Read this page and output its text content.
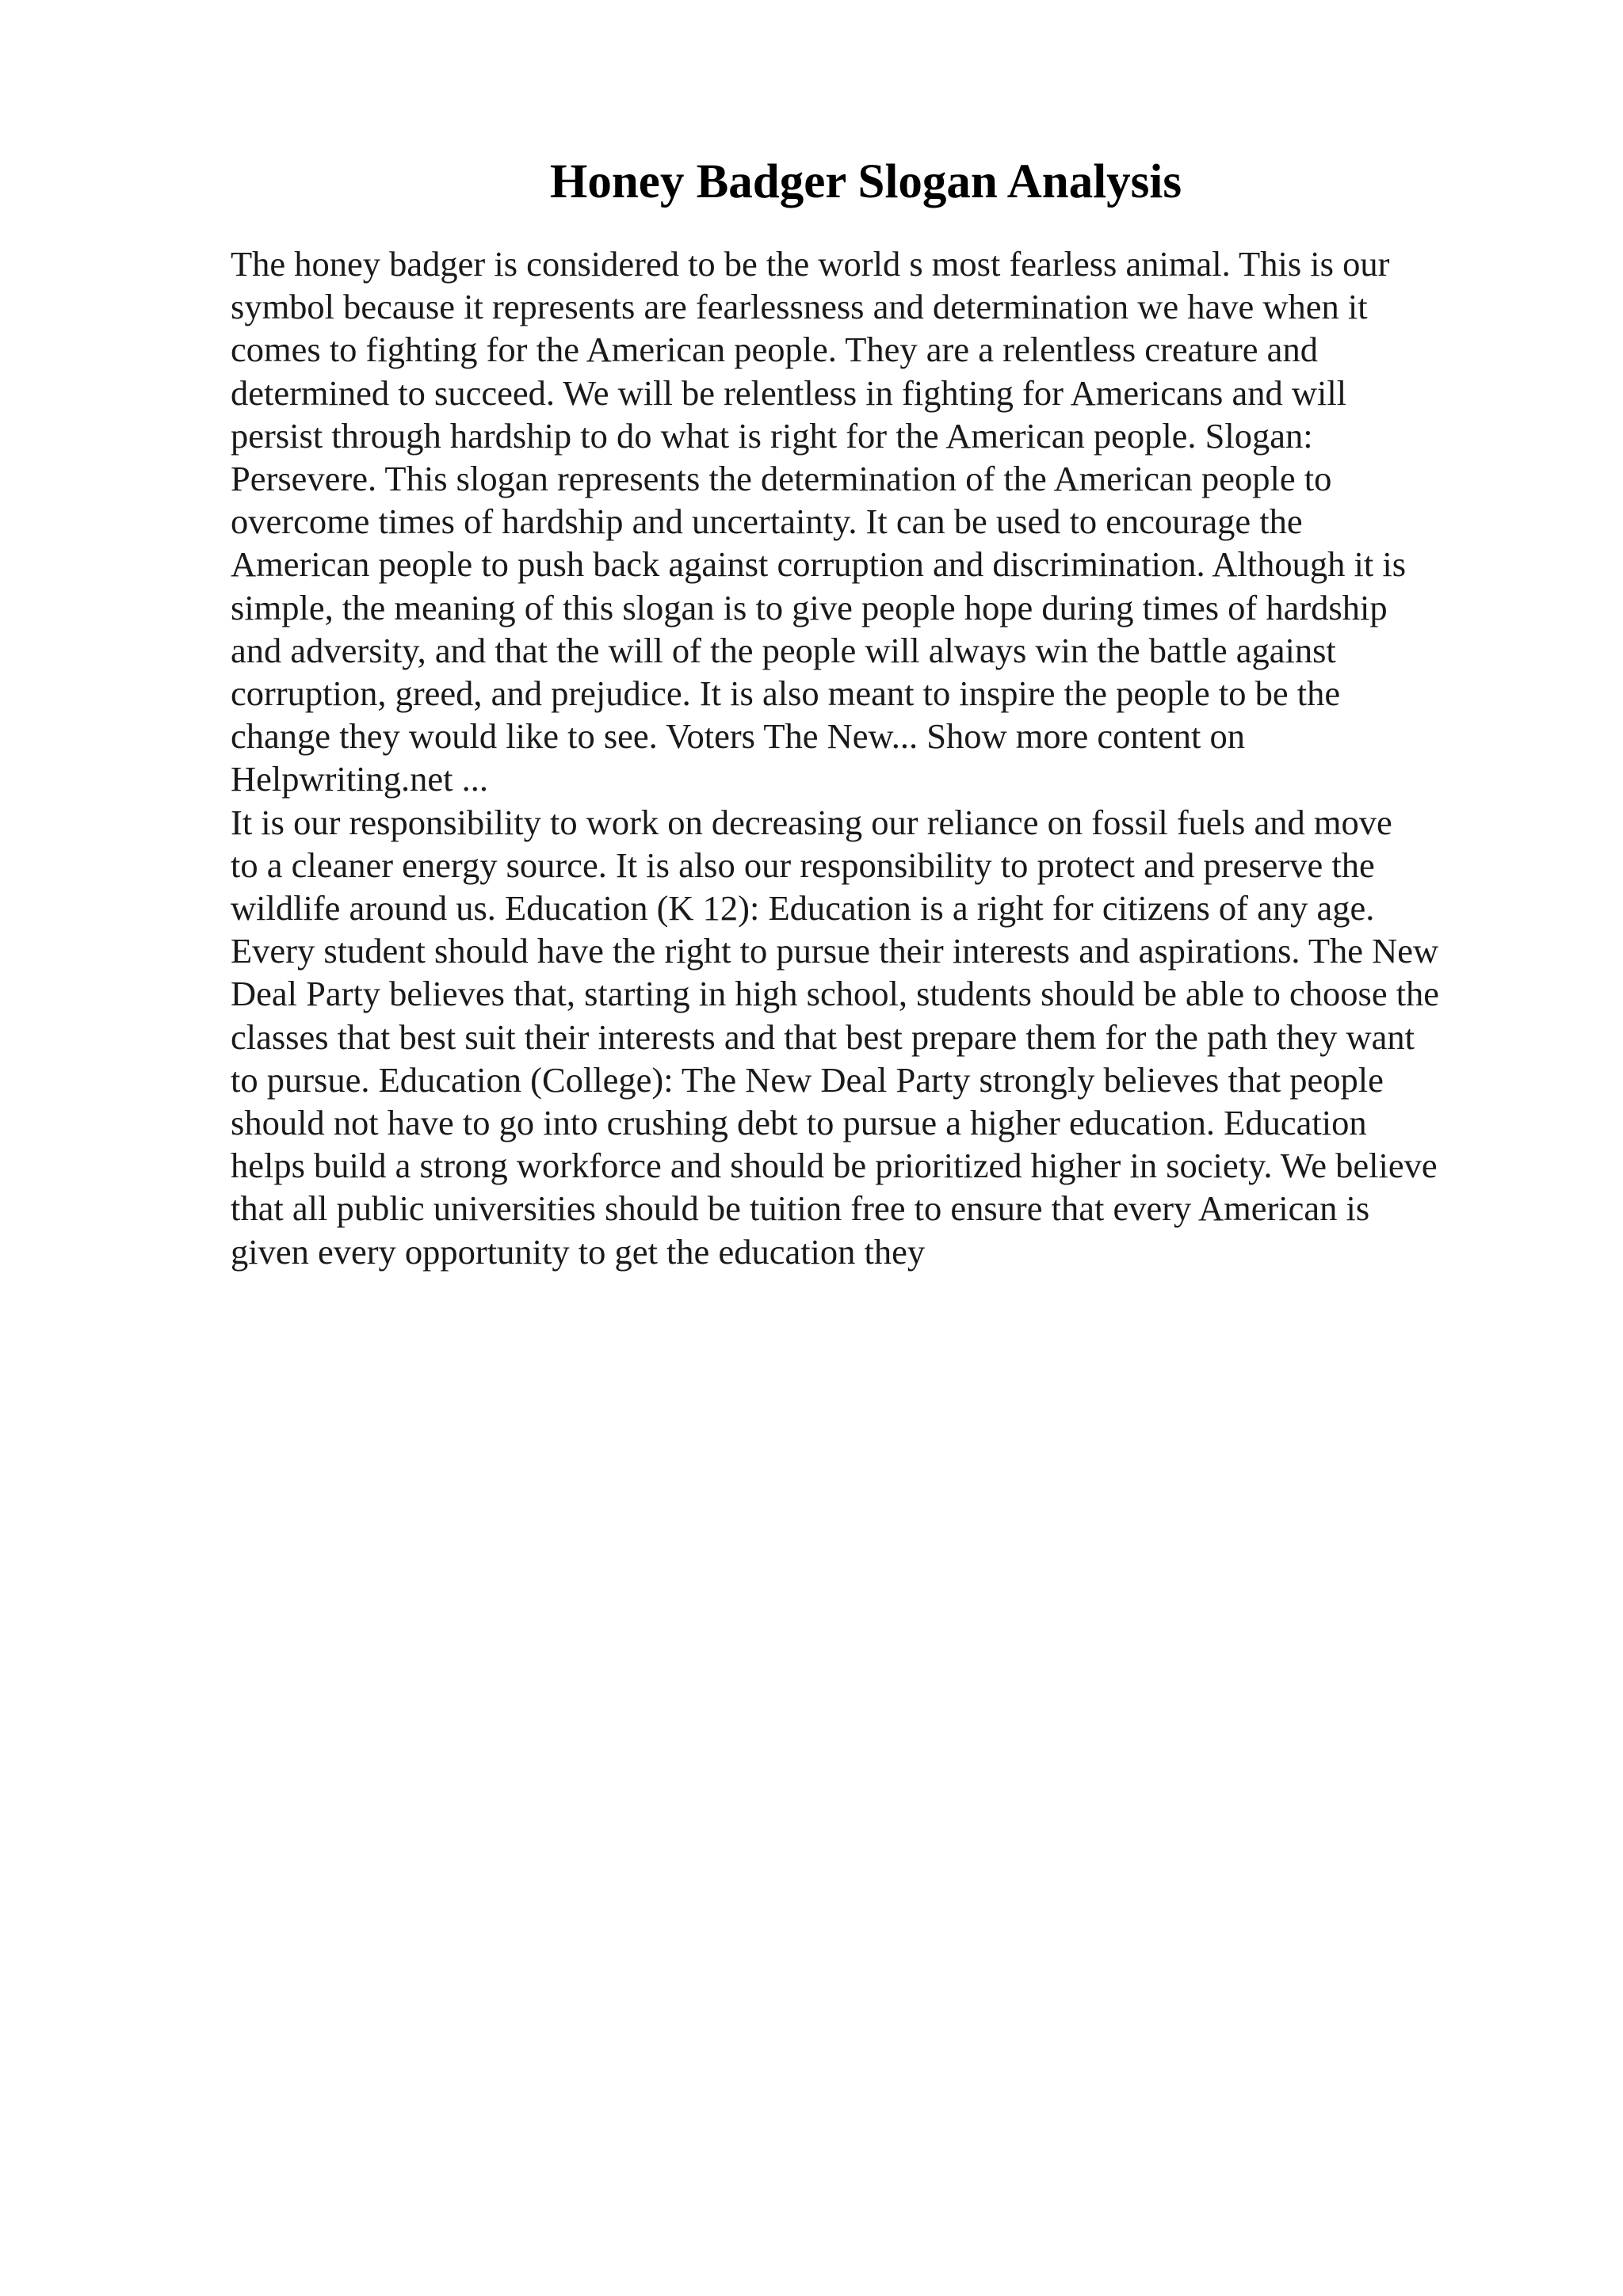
Honey Badger Slogan Analysis
The honey badger is considered to be the world s most fearless animal. This is our
symbol because it represents are fearlessness and determination we have when it
comes to fighting for the American people. They are a relentless creature and
determined to succeed. We will be relentless in fighting for Americans and will
persist through hardship to do what is right for the American people. Slogan:
Persevere. This slogan represents the determination of the American people to
overcome times of hardship and uncertainty. It can be used to encourage the
American people to push back against corruption and discrimination. Although it is
simple, the meaning of this slogan is to give people hope during times of hardship
and adversity, and that the will of the people will always win the battle against
corruption, greed, and prejudice. It is also meant to inspire the people to be the
change they would like to see. Voters The New... Show more content on
Helpwriting.net ...
It is our responsibility to work on decreasing our reliance on fossil fuels and move
to a cleaner energy source. It is also our responsibility to protect and preserve the
wildlife around us. Education (K 12): Education is a right for citizens of any age.
Every student should have the right to pursue their interests and aspirations. The New
Deal Party believes that, starting in high school, students should be able to choose the
classes that best suit their interests and that best prepare them for the path they want
to pursue. Education (College): The New Deal Party strongly believes that people
should not have to go into crushing debt to pursue a higher education. Education
helps build a strong workforce and should be prioritized higher in society. We believe
that all public universities should be tuition free to ensure that every American is
given every opportunity to get the education they
